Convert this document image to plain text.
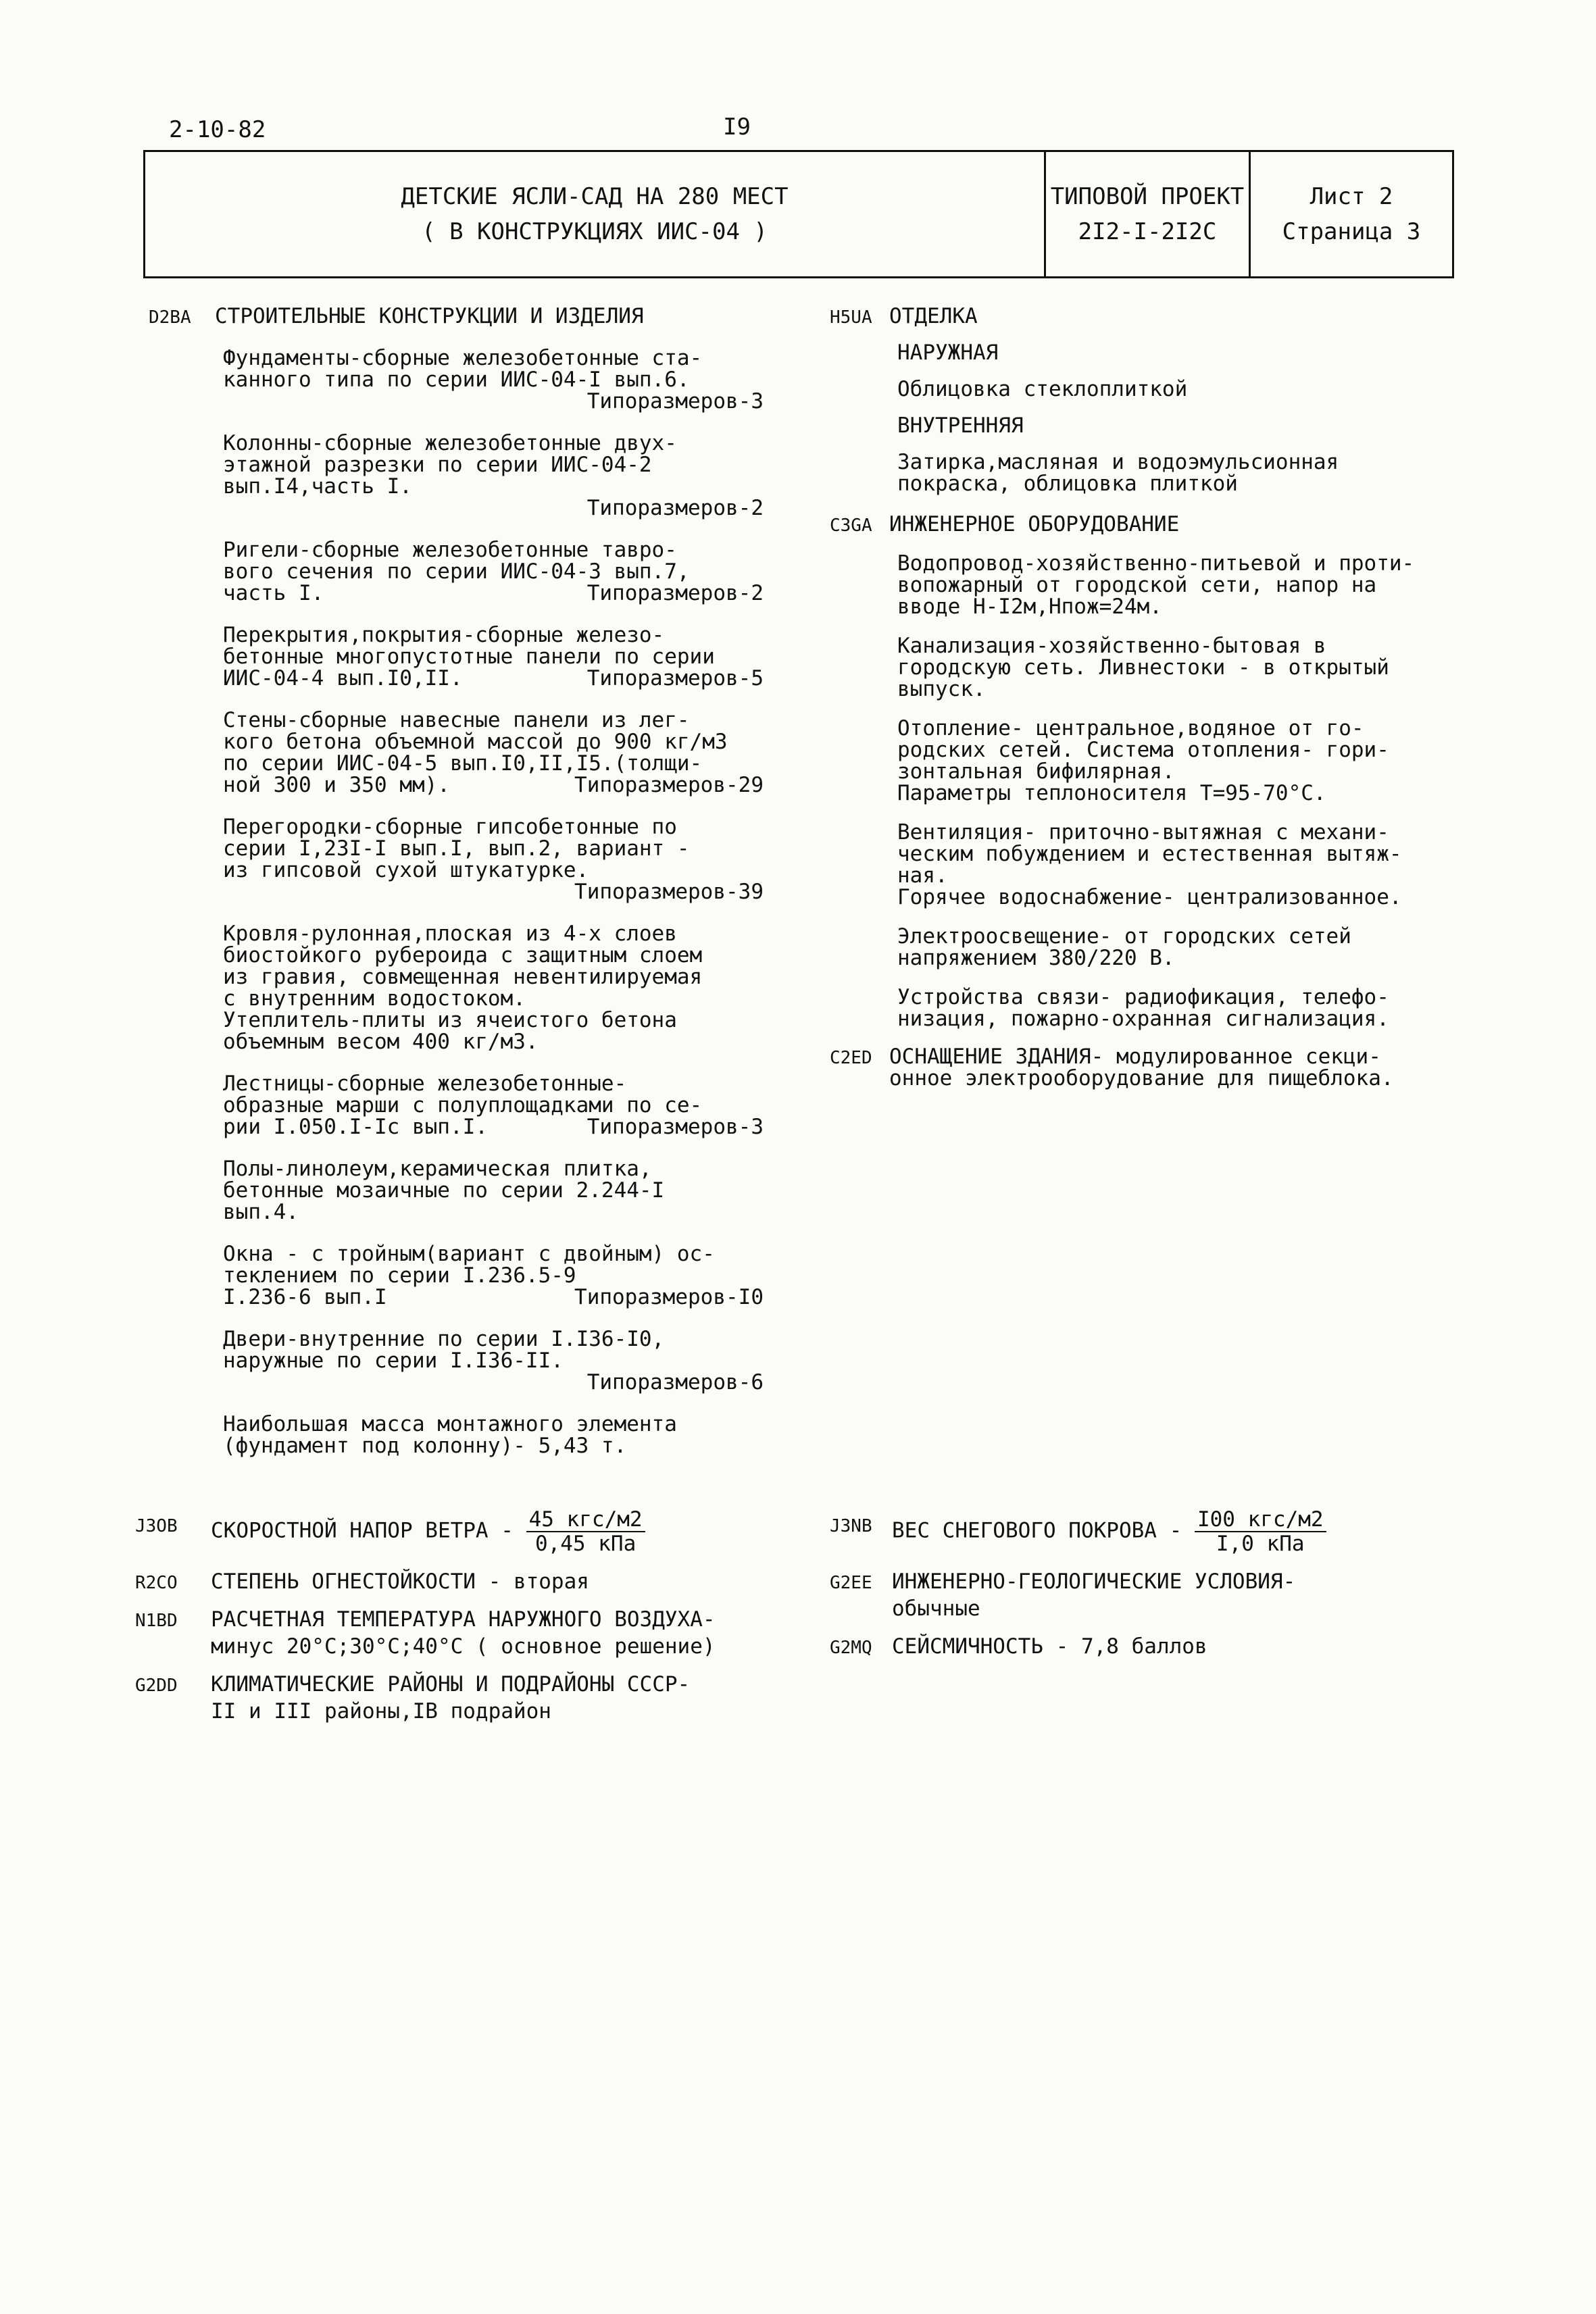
2-10-82	I9
ДЕТСКИЕ ЯСЛИ-САД НА 280 МЕСТ
( В КОНСТРУКЦИЯХ ИИС-04 )
ТИПОВОЙ ПРОЕКТ
2I2-I-2I2C
Лист 2
Страница 3
D2BA СТРОИТЕЛЬНЫЕ КОНСТРУКЦИИ И ИЗДЕЛИЯ
Фундаменты-сборные железобетонные ста-
канного типа по серии ИИС-04-I вып.6.
Типоразмеров-3
Колонны-сборные железобетонные двух-
этажной разрезки по серии ИИС-04-2
вып.I4,часть I.
Типоразмеров-2
Ригели-сборные железобетонные тавро-
вого сечения по серии ИИС-04-3 вып.7,
часть I.	Типоразмеров-2
Перекрытия,покрытия-сборные железо-
бетонные многопустотные панели по серии
ИИС-04-4 вып.I0,II.	Типоразмеров-5
Стены-сборные навесные панели из лег-
кого бетона объемной массой до 900 кг/м3
по серии ИИС-04-5 вып.I0,II,I5.(толщи-
ной 300 и 350 мм).	Типоразмеров-29
Перегородки-сборные гипсобетонные по
серии I,23I-I вып.I, вып.2, вариант -
из гипсовой сухой штукатурке.
Типоразмеров-39
Кровля-рулонная,плоская из 4-х слоев
биостойкого рубероида с защитным слоем
из гравия, совмещенная невентилируемая
с внутренним водостоком.
Утеплитель-плиты из ячеистого бетона
объемным весом 400 кг/м3.
Лестницы-сборные железобетонные-
образные марши с полуплощадками по се-
рии I.050.I-Iс вып.I.	Типоразмеров-3
Полы-линолеум,керамическая плитка,
бетонные мозаичные по серии 2.244-I
вып.4.
Окна - с тройным(вариант с двойным) ос-
теклением по серии I.236.5-9
I.236-6 вып.I	Типоразмеров-I0
Двери-внутренние по серии I.I36-I0,
наружные по серии I.I36-II.
Типоразмеров-6
Наибольшая масса монтажного элемента
(фундамент под колонну)- 5,43 т.
H5UA ОТДЕЛКА
НАРУЖНАЯ
Облицовка стеклоплиткой
ВНУТРЕННЯЯ
Затирка,масляная и водоэмульсионная
покраска, облицовка плиткой
C3GA ИНЖЕНЕРНОЕ ОБОРУДОВАНИЕ
Водопровод-хозяйственно-питьевой и проти-
вопожарный от городской сети, напор на
вводе Н-I2м,Нпож=24м.
Канализация-хозяйственно-бытовая в
городскую сеть. Ливнестоки - в открытый
выпуск.
Отопление- центральное,водяное от го-
родских сетей. Система отопления- гори-
зонтальная бифилярная.
Параметры теплоносителя Т=95-70°С.
Вентиляция- приточно-вытяжная с механи-
ческим побуждением и естественная вытяж-
ная.
Горячее водоснабжение- централизованное.
Электроосвещение- от городских сетей
напряжением 380/220 В.
Устройства связи- радиофикация, телефо-
низация, пожарно-охранная сигнализация.
C2ED ОСНАЩЕНИЕ ЗДАНИЯ- модулированное секци-
онное электрооборудование для пищеблока.
J3OB СКОРОСТНОЙ НАПОР ВЕТРА - $\frac{\text{45 кгс/м2}}{\text{0,45 кПа}}$
R2CO СТЕПЕНЬ ОГНЕСТОЙКОСТИ - вторая
N1BD РАСЧЕТНАЯ ТЕМПЕРАТУРА НАРУЖНОГО ВОЗДУХА-
минус 20°С;30°С;40°С ( основное решение)
G2DD КЛИМАТИЧЕСКИЕ РАЙОНЫ И ПОДРАЙОНЫ СССР-
II и III районы,IВ подрайон
J3NB ВЕС СНЕГОВОГО ПОКРОВА - $\frac{\text{I00 кгс/м2}}{\text{I,0 кПа}}$
G2EE ИНЖЕНЕРНО-ГЕОЛОГИЧЕСКИЕ УСЛОВИЯ-
обычные
G2MQ СЕЙСМИЧНОСТЬ - 7,8 баллов
